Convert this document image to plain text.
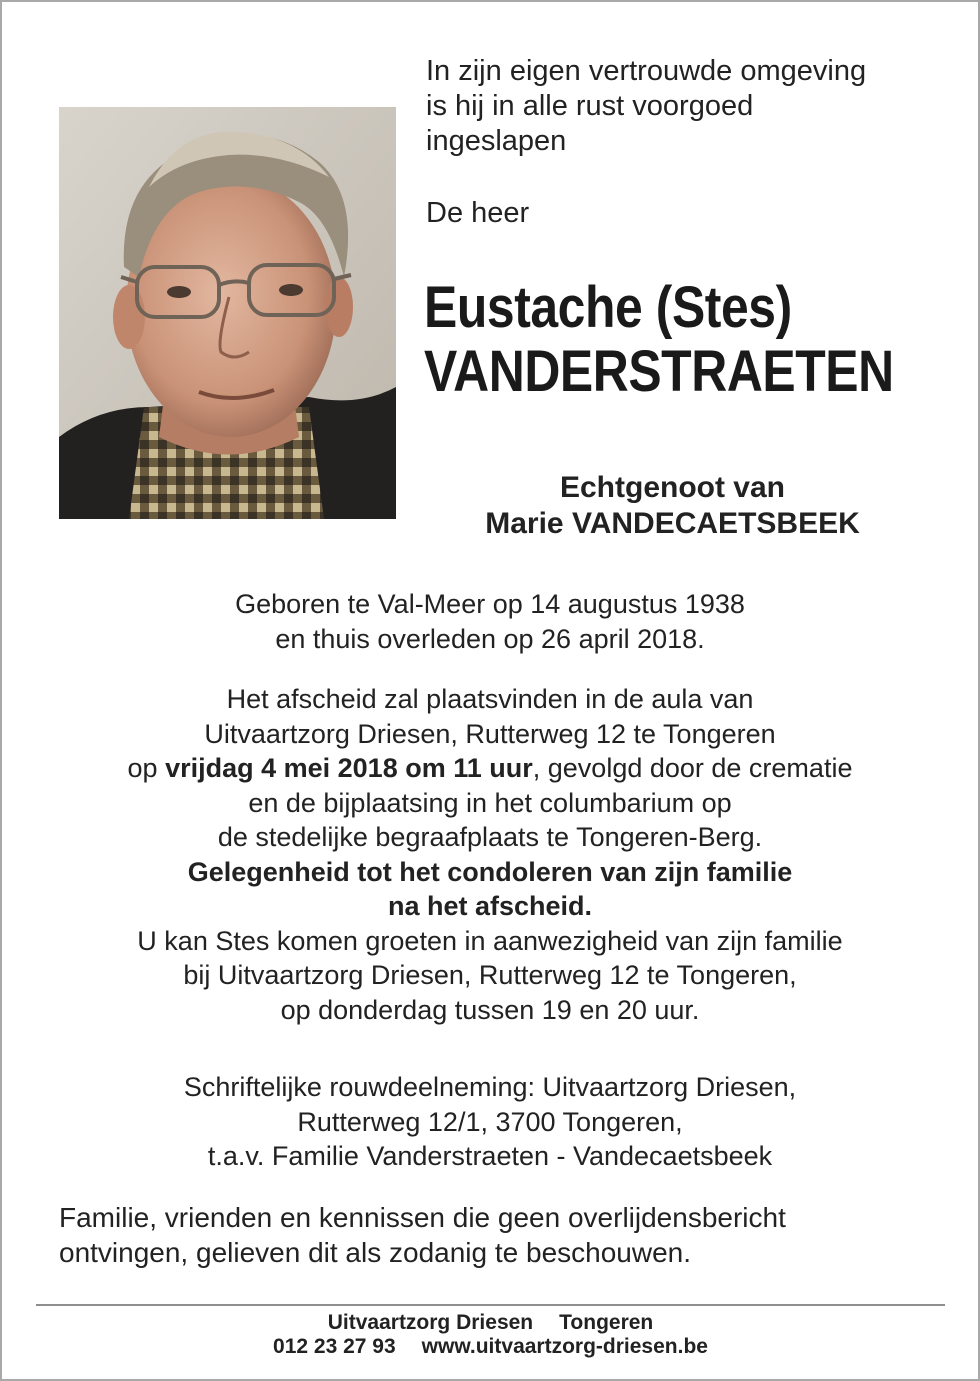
In zijn eigen vertrouwde omgeving
is hij in alle rust voorgoed
ingeslapen
De heer
Eustache (Stes)
VANDERSTRAETEN
Echtgenoot van
Marie VANDECAETSBEEK
Geboren te Val-Meer op 14 augustus 1938
en thuis overleden op 26 april 2018.
Het afscheid zal plaatsvinden in de aula van
Uitvaartzorg Driesen, Rutterweg 12 te Tongeren
op vrijdag 4 mei 2018 om 11 uur, gevolgd door de crematie
en de bijplaatsing in het columbarium op
de stedelijke begraafplaats te Tongeren-Berg.
Gelegenheid tot het condoleren van zijn familie
na het afscheid.
U kan Stes komen groeten in aanwezigheid van zijn familie
bij Uitvaartzorg Driesen, Rutterweg 12 te Tongeren,
op donderdag tussen 19 en 20 uur.
Schriftelijke rouwdeelneming: Uitvaartzorg Driesen,
Rutterweg 12/1, 3700 Tongeren,
t.a.v. Familie Vanderstraeten - Vandecaetsbeek
Familie, vrienden en kennissen die geen overlijdensbericht
ontvingen, gelieven dit als zodanig te beschouwen.
Uitvaartzorg Driesen Tongeren
012 23 27 93 www.uitvaartzorg-driesen.be
